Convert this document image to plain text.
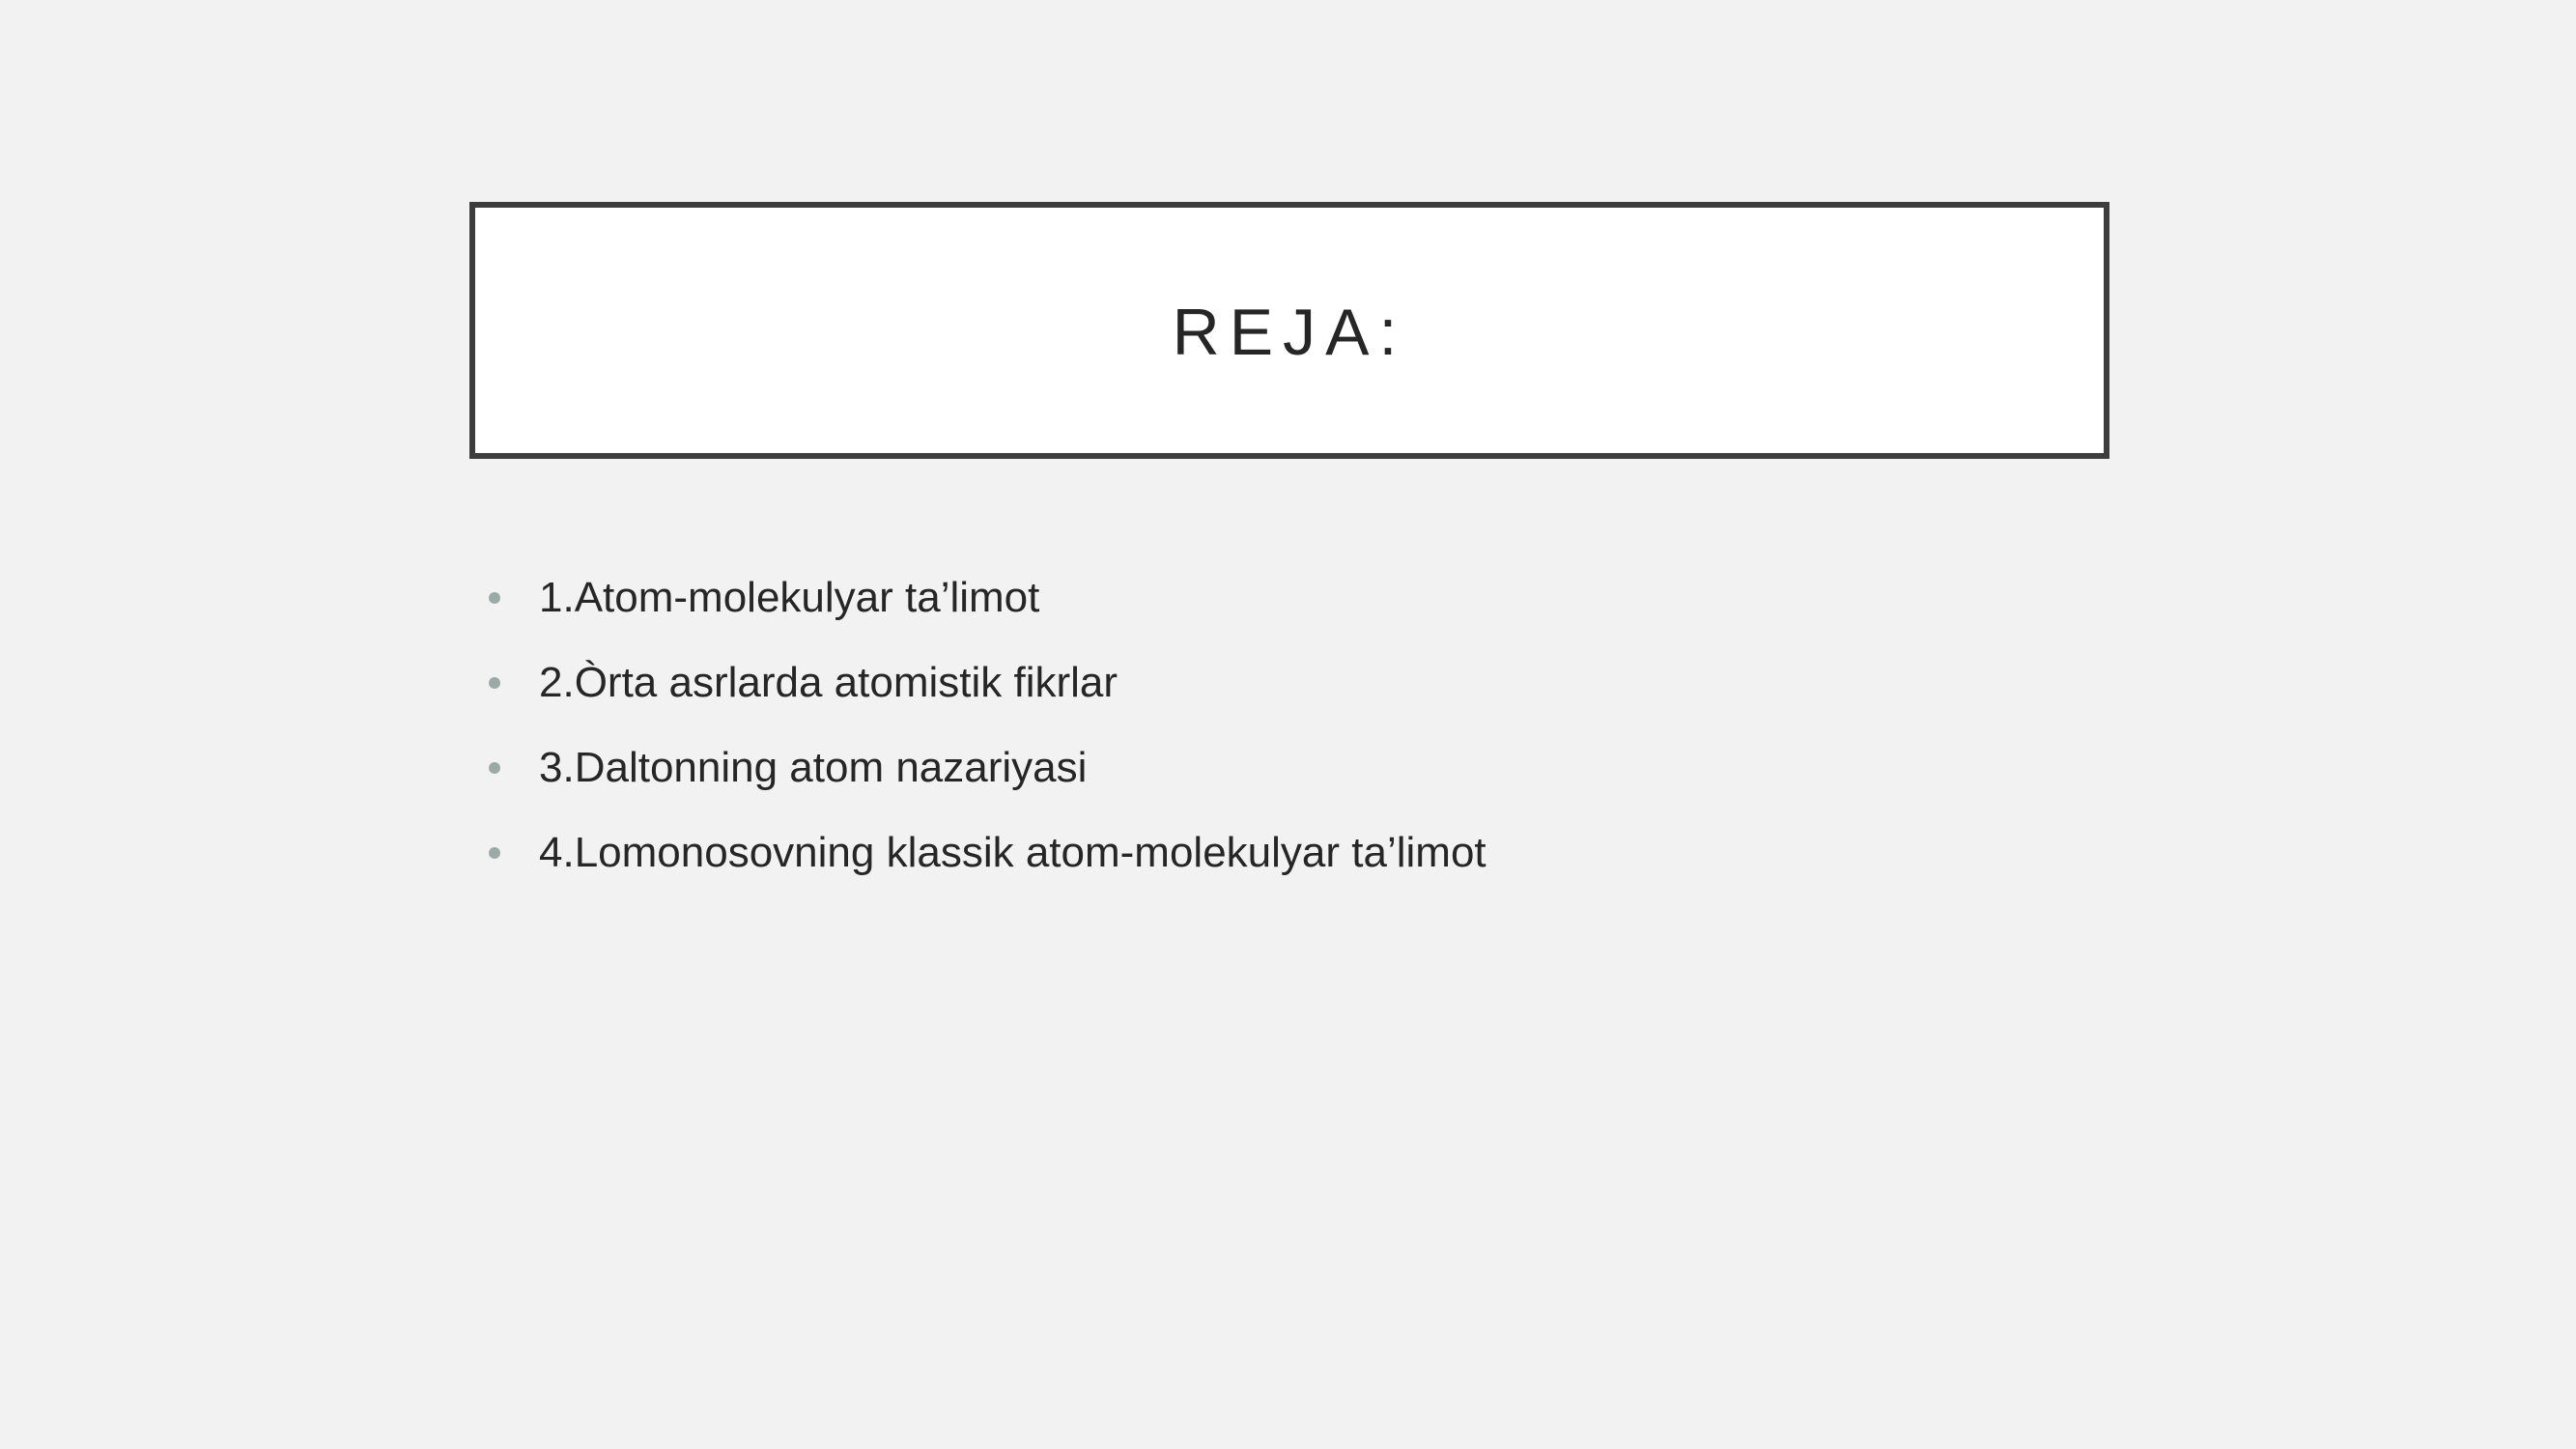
REJA:
1.Atom-molekulyar ta’limot
2.Òrta asrlarda atomistik fikrlar
3.Daltonning atom nazariyasi
4.Lomonosovning klassik atom-molekulyar ta’limot
